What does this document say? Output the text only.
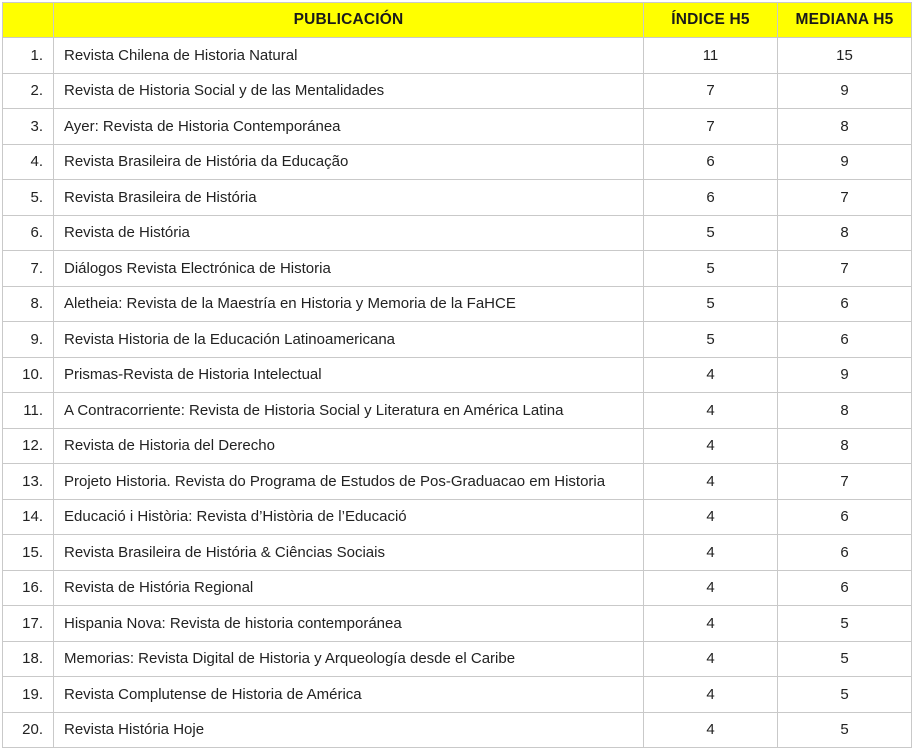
	PUBLICACIÓN	ÍNDICE H5	MEDIANA H5
1.	Revista Chilena de Historia Natural	11	15
2.	Revista de Historia Social y de las Mentalidades	7	9
3.	Ayer: Revista de Historia Contemporánea	7	8
4.	Revista Brasileira de História da Educação	6	9
5.	Revista Brasileira de História	6	7
6.	Revista de História	5	8
7.	Diálogos Revista Electrónica de Historia	5	7
8.	Aletheia: Revista de la Maestría en Historia y Memoria de la FaHCE	5	6
9.	Revista Historia de la Educación Latinoamericana	5	6
10.	Prismas-Revista de Historia Intelectual	4	9
11.	A Contracorriente: Revista de Historia Social y Literatura en América Latina	4	8
12.	Revista de Historia del Derecho	4	8
13.	Projeto Historia. Revista do Programa de Estudos de Pos-Graduacao em Historia	4	7
14.	Educació i Història: Revista d’Història de l’Educació	4	6
15.	Revista Brasileira de História & Ciências Sociais	4	6
16.	Revista de História Regional	4	6
17.	Hispania Nova: Revista de historia contemporánea	4	5
18.	Memorias: Revista Digital de Historia y Arqueología desde el Caribe	4	5
19.	Revista Complutense de Historia de América	4	5
20.	Revista História Hoje	4	5
